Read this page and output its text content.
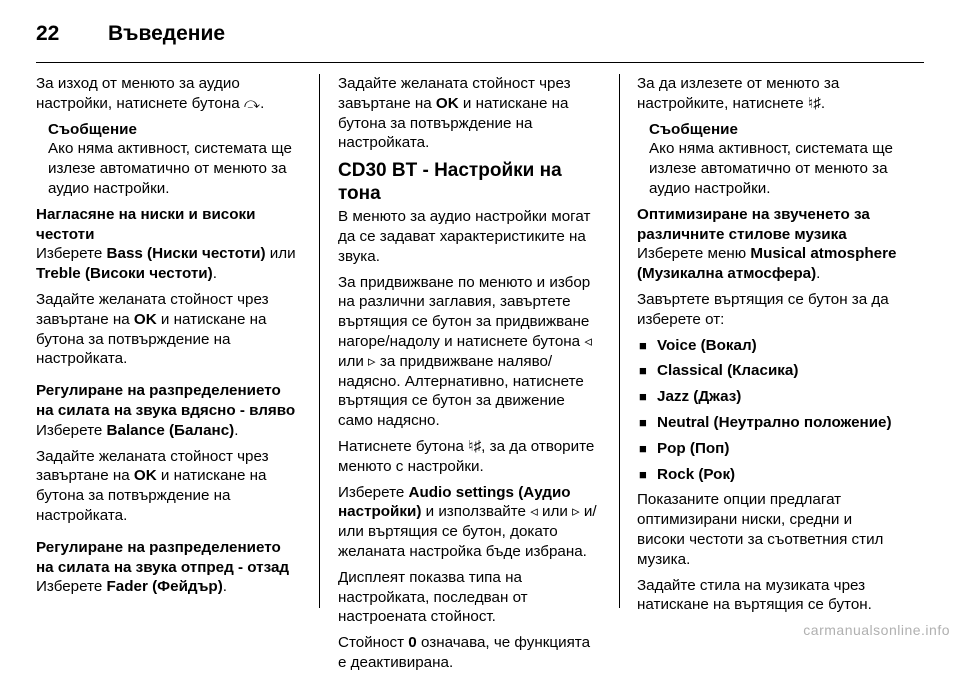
22	Въведение

За изход от менюто за аудио настройки, натиснете бутона ⤼.

Съобщение
Ако няма активност, системата ще излезе автоматично от менюто за аудио настройки.

Нагласяне на ниски и високи честоти

Изберете Bass (Ниски честоти) или Treble (Високи честоти).

Задайте желаната стойност чрез завъртане на OK и натискане на бутона за потвърждение на настройката.

Регулиране на разпределението на силата на звука вдясно - вляво

Изберете Balance (Баланс).

Задайте желаната стойност чрез завъртане на OK и натискане на бутона за потвърждение на настройката.

Регулиране на разпределението на силата на звука отпред - отзад

Изберете Fader (Фейдър).

Задайте желаната стойност чрез завъртане на OK и натискане на бутона за потвърждение на настройката.

CD30 BT - Настройки на тона

В менюто за аудио настройки могат да се задават характеристиките на звука.

За придвижване по менюто и избор на различни заглавия, завъртете въртящия се бутон за придвижване нагоре/надолу и натиснете бутона ◃ или ▹ за придвижване наляво/надясно. Алтернативно, натиснете въртящия се бутон за движение само надясно.

Натиснете бутона ♮♯, за да отворите менюто с настройки.

Изберете Audio settings (Аудио настройки) и използвайте ◃ или ▹ и/или въртящия се бутон, докато желаната настройка бъде избрана.

Дисплеят показва типа на настройката, последван от настроената стойност.

Стойност 0 означава, че функцията е деактивирана.

За да излезете от менюто за настройките, натиснете ♮♯.

Съобщение
Ако няма активност, системата ще излезе автоматично от менюто за аудио настройки.

Оптимизиране на звученето за различните стилове музика

Изберете меню Musical atmosphere (Музикална атмосфера).

Завъртете въртящия се бутон за да изберете от:

■ Voice (Вокал)
■ Classical (Класика)
■ Jazz (Джаз)
■ Neutral (Неутрално положение)
■ Pop (Поп)
■ Rock (Рок)

Показаните опции предлагат оптимизирани ниски, средни и високи честоти за съответния стил музика.

Задайте стила на музиката чрез натискане на въртящия се бутон.

carmanualsonline.info
